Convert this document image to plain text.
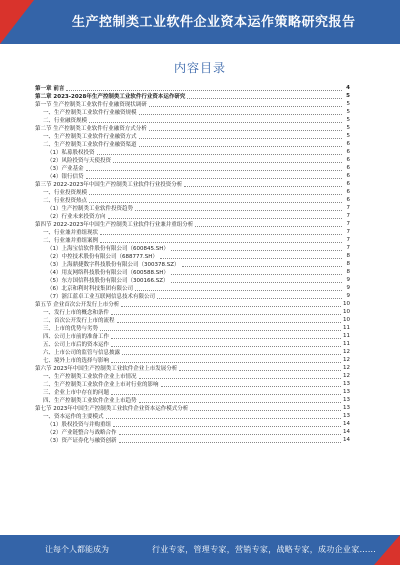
生产控制类工业软件企业资本运作策略研究报告
内容目录
第一章 前言	4
第二章 2023-2028年生产控制类工业软件行业资本运作研究	5
第一节 生产控制类工业软件行业融资现状调研	5
一、生产控制类工业软件行业融资规模	5
二、行业融资规模	5
第二节 生产控制类工业软件行业融资方式分析	5
一、生产控制类工业软件行业融资方式	5
二、生产控制类工业软件行业融资渠道	6
（1）私募股权投资	6
（2）风险投资与天使投资	6
（3）产业基金	6
（4）银行信贷	6
第三节 2022-2023年中国生产控制类工业软件行业投资分析	6
一、行业投资规模	6
二、行业投资热点	6
（1）生产控制类工业软件投资趋势	7
（2）行业未来投资方向	7
第四节 2022-2023年中国生产控制类工业软件行业兼并重组分析	7
一、行业兼并重组现状	7
二、行业兼并重组案例	7
（1）上海宝信软件股份有限公司（600845.SH）	7
（2）中控技术股份有限公司（688777.SH）	8
（3）上海鼎捷数字科技股份有限公司（300378.SZ）	8
（4）用友网络科技股份有限公司（600588.SH）	8
（5）东方国信科技股份有限公司（300166.SZ）	9
（6）北京和利时科技集团有限公司	9
（7）浙江蓝卓工业互联网信息技术有限公司	9
第五节 企业首次公开发行上市分析	10
一、发行上市的概念和条件	10
二、首次公开发行上市的流程	10
三、上市的优势与劣势	11
四、公司上市前的准备工作	11
五、公司上市后的资本运作	11
六、上市公司的监管与信息披露	12
七、境外上市的选择与影响	12
第六节 2023年中国生产控制类工业软件企业上市发展分析	12
一、生产控制类工业软件企业上市情况	12
二、生产控制类工业软件企业上市对行业的影响	13
三、企业上市中存在的问题	13
四、生产控制类工业软件企业上市趋势	13
第七节 2023年中国生产控制类工业软件企业资本运作模式分析	13
一、资本运作的主要模式	13
（1）股权投资与并购重组	14
（2）产业链整合与战略合作	14
（3）资产证券化与融资创新	14
让每个人都能成为	行业专家，管理专家，营销专家，战略专家，成功企业家……
